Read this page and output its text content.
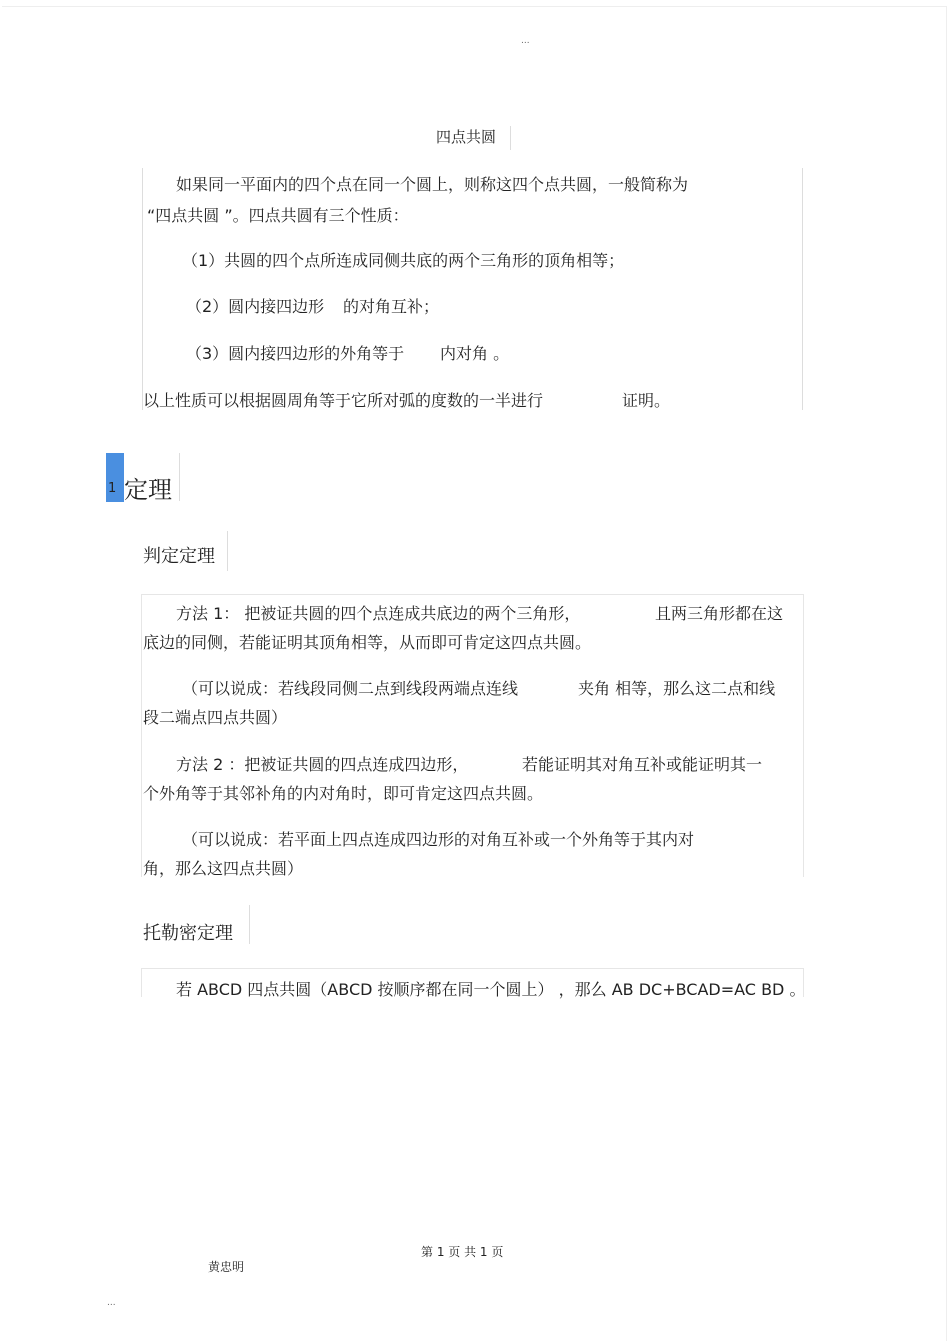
...
四点共圆
如果同一平面内的四个点在同一个圆上，则称这四个点共圆，一般简称为
“四点共圆 ”。四点共圆有三个性质：
（1）共圆的四个点所连成同侧共底的两个三角形的顶角相等；
（2）圆内接四边形 的对角互补；
（3）圆内接四边形的外角等于 内对角 。
以上性质可以根据圆周角等于它所对弧的度数的一半进行	证明。
1 定理
判定定理
方法 1： 把被证共圆的四个点连成共底边的两个三角形，	且两三角形都在这
底边的同侧，若能证明其顶角相等，从而即可肯定这四点共圆。
（可以说成：若线段同侧二点到线段两端点连线	夹角 相等，那么这二点和线
段二端点四点共圆）
方法 2 ：把被证共圆的四点连成四边形，	若能证明其对角互补或能证明其一
个外角等于其邻补角的内对角时，即可肯定这四点共圆。
（可以说成：若平面上四点连成四边形的对角互补或一个外角等于其内对
角，那么这四点共圆）
托勒密定理
若 ABCD 四点共圆（ABCD 按顺序都在同一个圆上） ，那么 AB DC+BCAD=AC BD 。
第 1 页 共 1 页
黄忠明
...
